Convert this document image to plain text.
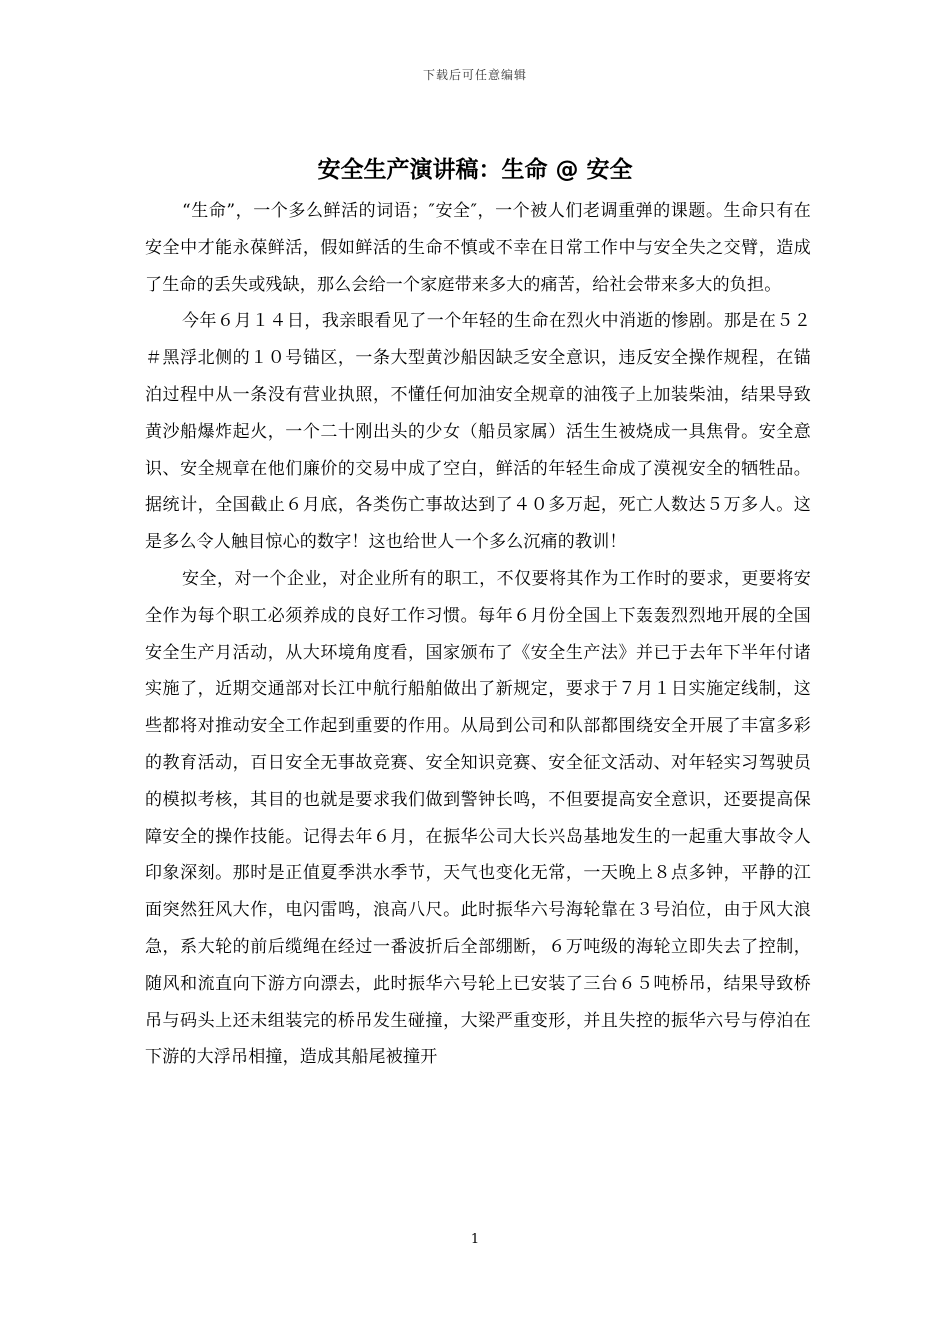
下载后可任意编辑
安全生产演讲稿：生命 @ 安全

“生命”，一个多么鲜活的词语；″安全″，一个被人们老调重弹的课题。生命只有在安全中才能永葆鲜活，假如鲜活的生命不慎或不幸在日常工作中与安全失之交臂，造成了生命的丢失或残缺，那么会给一个家庭带来多大的痛苦，给社会带来多大的负担。

今年６月１４日，我亲眼看见了一个年轻的生命在烈火中消逝的惨剧。那是在５２＃黑浮北侧的１０号锚区，一条大型黄沙船因缺乏安全意识，违反安全操作规程，在锚泊过程中从一条没有营业执照，不懂任何加油安全规章的油筏子上加装柴油，结果导致黄沙船爆炸起火，一个二十刚出头的少女（船员家属）活生生被烧成一具焦骨。安全意识、安全规章在他们廉价的交易中成了空白，鲜活的年轻生命成了漠视安全的牺牲品。据统计，全国截止６月底，各类伤亡事故达到了４０多万起，死亡人数达５万多人。这是多么令人触目惊心的数字！这也给世人一个多么沉痛的教训！

安全，对一个企业，对企业所有的职工，不仅要将其作为工作时的要求，更要将安全作为每个职工必须养成的良好工作习惯。每年６月份全国上下轰轰烈烈地开展的全国安全生产月活动，从大环境角度看，国家颁布了《安全生产法》并已于去年下半年付诸实施了，近期交通部对长江中航行船舶做出了新规定，要求于７月１日实施定线制，这些都将对推动安全工作起到重要的作用。从局到公司和队部都围绕安全开展了丰富多彩的教育活动，百日安全无事故竞赛、安全知识竞赛、安全征文活动、对年轻实习驾驶员的模拟考核，其目的也就是要求我们做到警钟长鸣，不但要提高安全意识，还要提高保障安全的操作技能。记得去年６月，在振华公司大长兴岛基地发生的一起重大事故令人印象深刻。那时是正值夏季洪水季节，天气也变化无常，一天晚上８点多钟，平静的江面突然狂风大作，电闪雷鸣，浪高八尺。此时振华六号海轮靠在３号泊位，由于风大浪急，系大轮的前后缆绳在经过一番波折后全部绷断，６万吨级的海轮立即失去了控制，随风和流直向下游方向漂去，此时振华六号轮上已安装了三台６５吨桥吊，结果导致桥吊与码头上还未组装完的桥吊发生碰撞，大梁严重变形，并且失控的振华六号与停泊在下游的大浮吊相撞，造成其船尾被撞开

1
